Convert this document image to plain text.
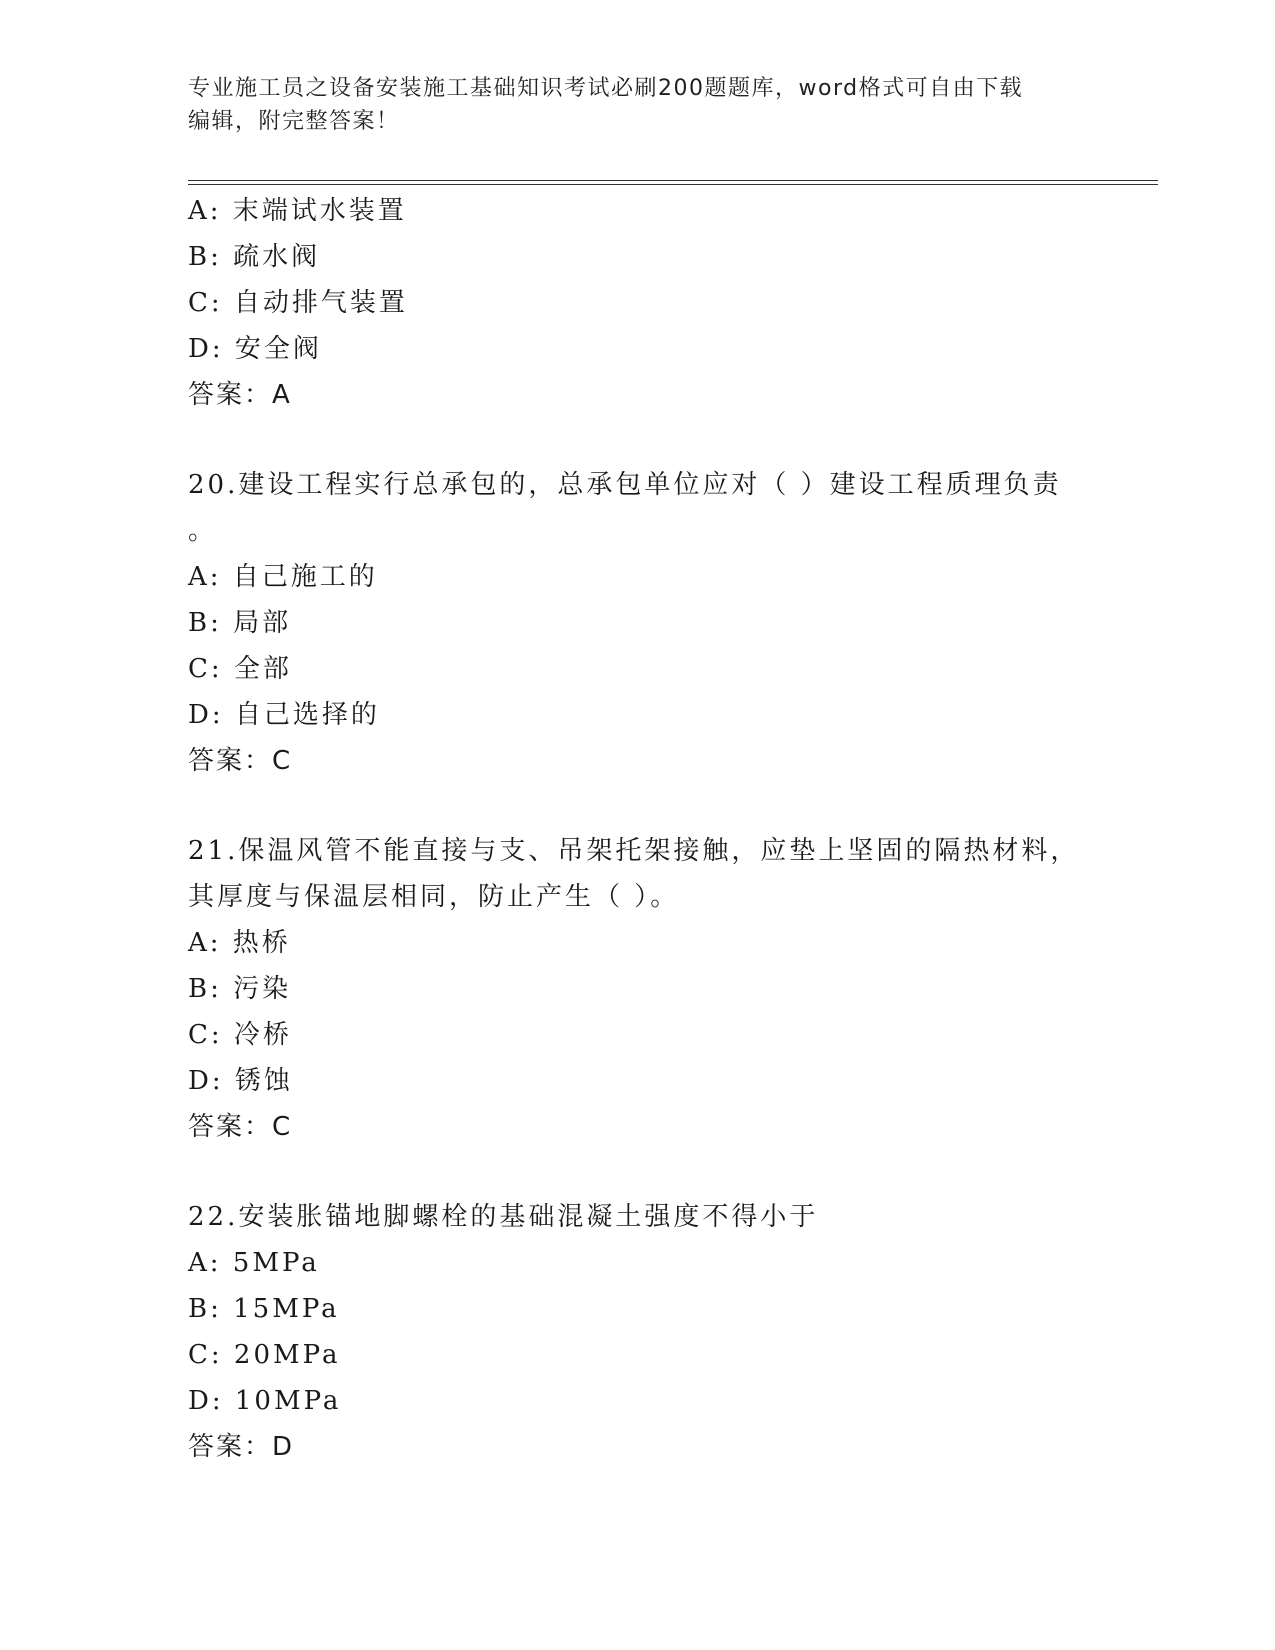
专业施工员之设备安装施工基础知识考试必刷200题题库，word格式可自由下载
编辑，附完整答案！
A: 末端试水装置
B: 疏水阀
C: 自动排气装置
D: 安全阀
答案：A
20.建设工程实行总承包的，总承包单位应对（ ）建设工程质理负责
。
A: 自己施工的
B: 局部
C: 全部
D: 自己选择的
答案：C
21.保温风管不能直接与支、吊架托架接触，应垫上坚固的隔热材料，
其厚度与保温层相同，防止产生（ ）。
A: 热桥
B: 污染
C: 冷桥
D: 锈蚀
答案：C
22.安装胀锚地脚螺栓的基础混凝土强度不得小于
A: 5MPa
B: 15MPa
C: 20MPa
D: 10MPa
答案：D
